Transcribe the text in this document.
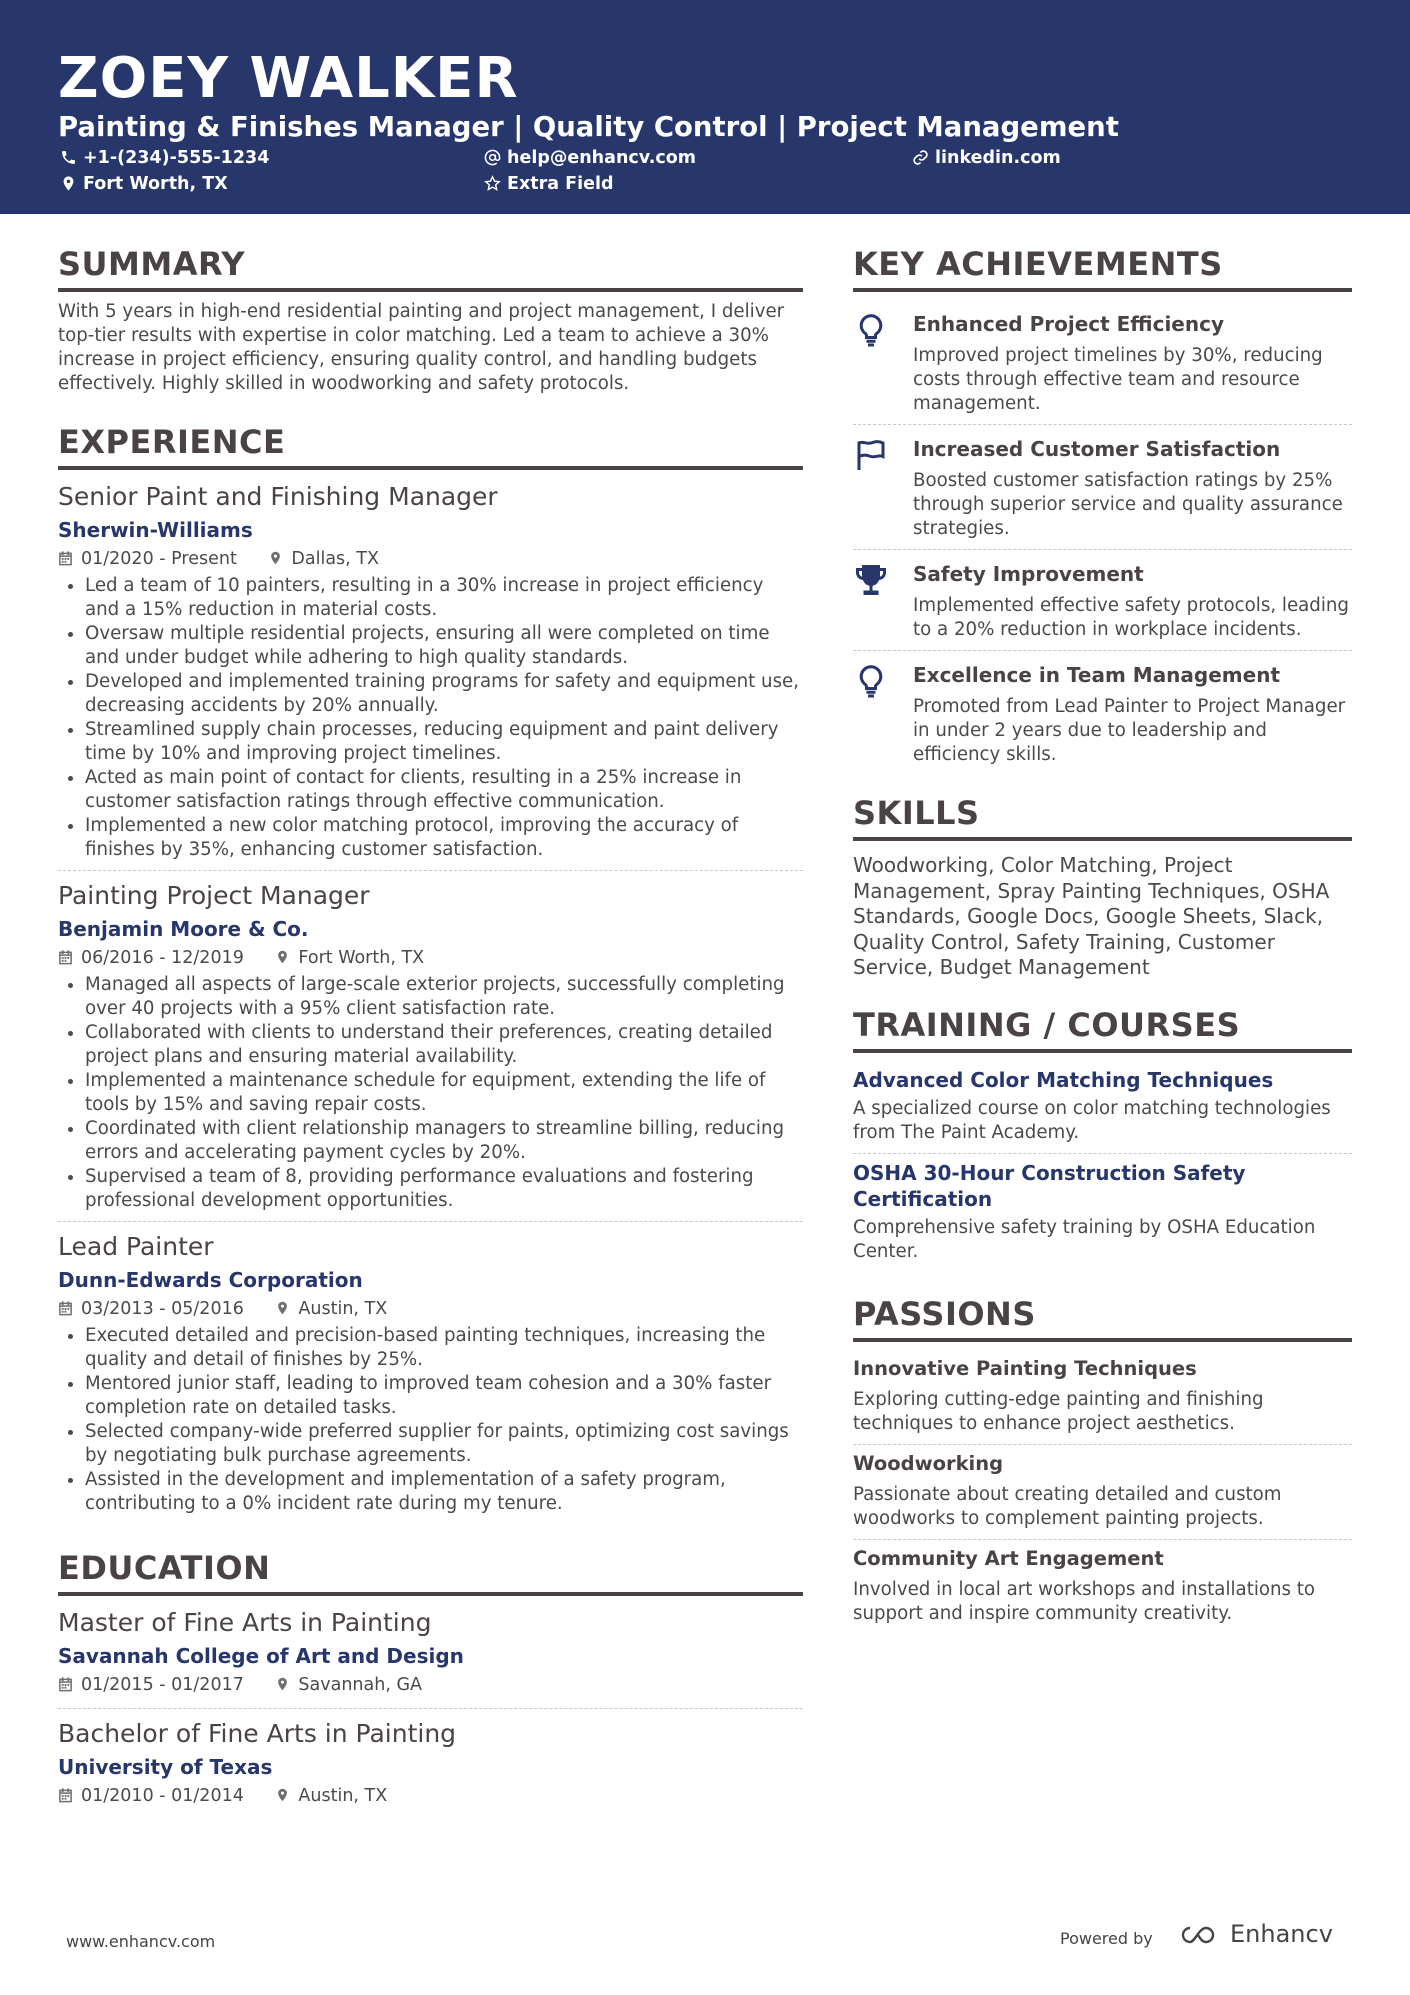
ZOEY WALKER
Painting & Finishes Manager | Quality Control | Project Management
+1-(234)-555-1234	help@enhancv.com	linkedin.com
Fort Worth, TX	Extra Field
SUMMARY
With 5 years in high-end residential painting and project management, I deliver top-tier results with expertise in color matching. Led a team to achieve a 30% increase in project efficiency, ensuring quality control, and handling budgets effectively. Highly skilled in woodworking and safety protocols.
EXPERIENCE
Senior Paint and Finishing Manager
Sherwin-Williams
01/2020 - Present	Dallas, TX
• Led a team of 10 painters, resulting in a 30% increase in project efficiency and a 15% reduction in material costs.
• Oversaw multiple residential projects, ensuring all were completed on time and under budget while adhering to high quality standards.
• Developed and implemented training programs for safety and equipment use, decreasing accidents by 20% annually.
• Streamlined supply chain processes, reducing equipment and paint delivery time by 10% and improving project timelines.
• Acted as main point of contact for clients, resulting in a 25% increase in customer satisfaction ratings through effective communication.
• Implemented a new color matching protocol, improving the accuracy of finishes by 35%, enhancing customer satisfaction.
Painting Project Manager
Benjamin Moore & Co.
06/2016 - 12/2019	Fort Worth, TX
• Managed all aspects of large-scale exterior projects, successfully completing over 40 projects with a 95% client satisfaction rate.
• Collaborated with clients to understand their preferences, creating detailed project plans and ensuring material availability.
• Implemented a maintenance schedule for equipment, extending the life of tools by 15% and saving repair costs.
• Coordinated with client relationship managers to streamline billing, reducing errors and accelerating payment cycles by 20%.
• Supervised a team of 8, providing performance evaluations and fostering professional development opportunities.
Lead Painter
Dunn-Edwards Corporation
03/2013 - 05/2016	Austin, TX
• Executed detailed and precision-based painting techniques, increasing the quality and detail of finishes by 25%.
• Mentored junior staff, leading to improved team cohesion and a 30% faster completion rate on detailed tasks.
• Selected company-wide preferred supplier for paints, optimizing cost savings by negotiating bulk purchase agreements.
• Assisted in the development and implementation of a safety program, contributing to a 0% incident rate during my tenure.
EDUCATION
Master of Fine Arts in Painting
Savannah College of Art and Design
01/2015 - 01/2017	Savannah, GA
Bachelor of Fine Arts in Painting
University of Texas
01/2010 - 01/2014	Austin, TX
KEY ACHIEVEMENTS
Enhanced Project Efficiency
Improved project timelines by 30%, reducing costs through effective team and resource management.
Increased Customer Satisfaction
Boosted customer satisfaction ratings by 25% through superior service and quality assurance strategies.
Safety Improvement
Implemented effective safety protocols, leading to a 20% reduction in workplace incidents.
Excellence in Team Management
Promoted from Lead Painter to Project Manager in under 2 years due to leadership and efficiency skills.
SKILLS
Woodworking, Color Matching, Project Management, Spray Painting Techniques, OSHA Standards, Google Docs, Google Sheets, Slack, Quality Control, Safety Training, Customer Service, Budget Management
TRAINING / COURSES
Advanced Color Matching Techniques
A specialized course on color matching technologies from The Paint Academy.
OSHA 30-Hour Construction Safety Certification
Comprehensive safety training by OSHA Education Center.
PASSIONS
Innovative Painting Techniques
Exploring cutting-edge painting and finishing techniques to enhance project aesthetics.
Woodworking
Passionate about creating detailed and custom woodworks to complement painting projects.
Community Art Engagement
Involved in local art workshops and installations to support and inspire community creativity.
www.enhancv.com	Powered by	Enhancv
